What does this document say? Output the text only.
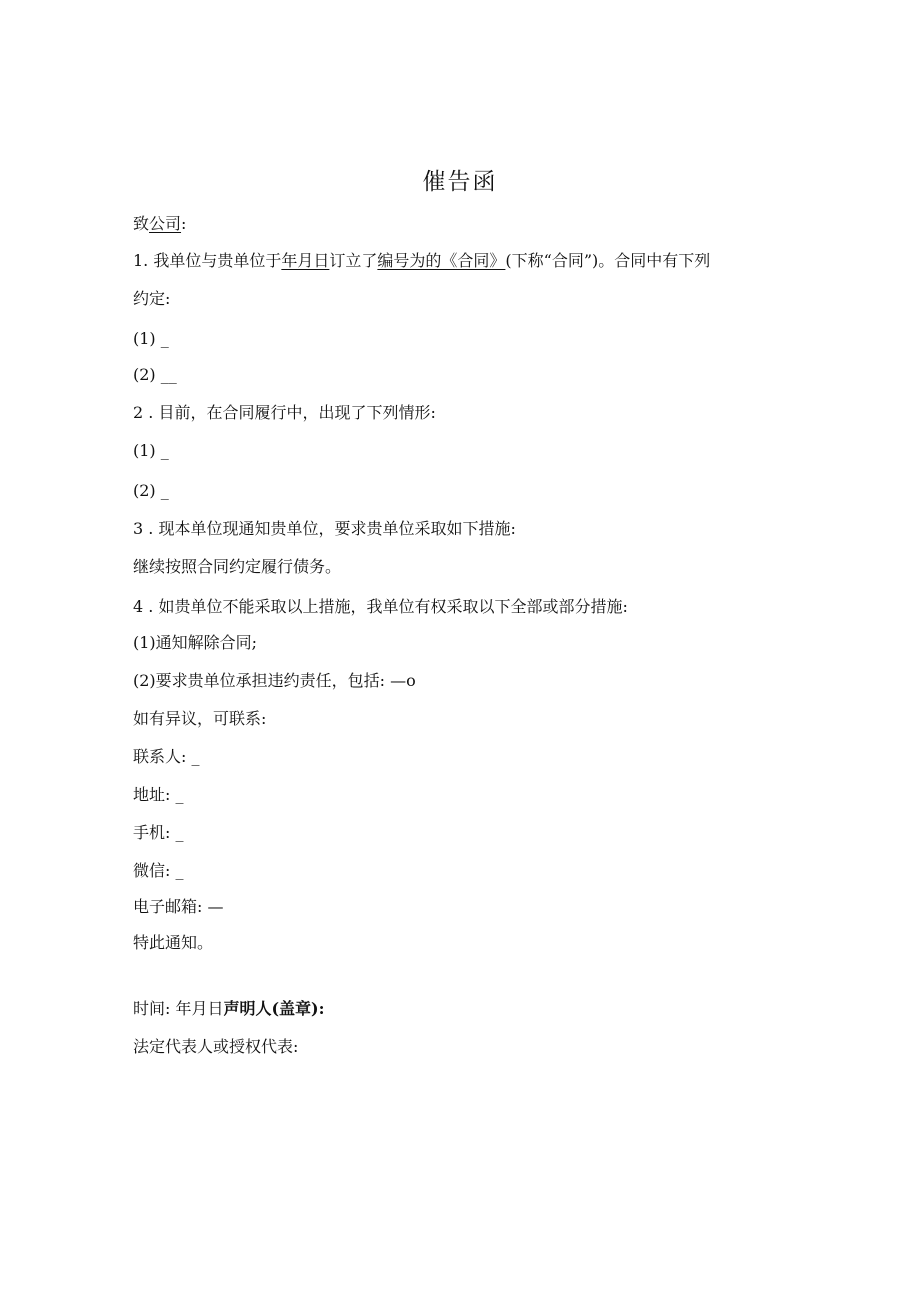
催告函
致公司:
1. 我单位与贵单位于年月日订立了编号为的《合同》(下称“合同”)。合同中有下列
约定:
(1) _
(2) __
2 . 目前，在合同履行中，出现了下列情形:
(1) _
(2) _
3 . 现本单位现通知贵单位，要求贵单位采取如下措施:
继续按照合同约定履行债务。
4 . 如贵单位不能采取以上措施，我单位有权采取以下全部或部分措施:
(1)通知解除合同;
(2)要求贵单位承担违约责任，包括: —o
如有异议，可联系:
联系人: _
地址: _
手机: _
微信: _
电子邮箱: —
特此通知。
时间: 年月日声明人(盖章):
法定代表人或授权代表:
